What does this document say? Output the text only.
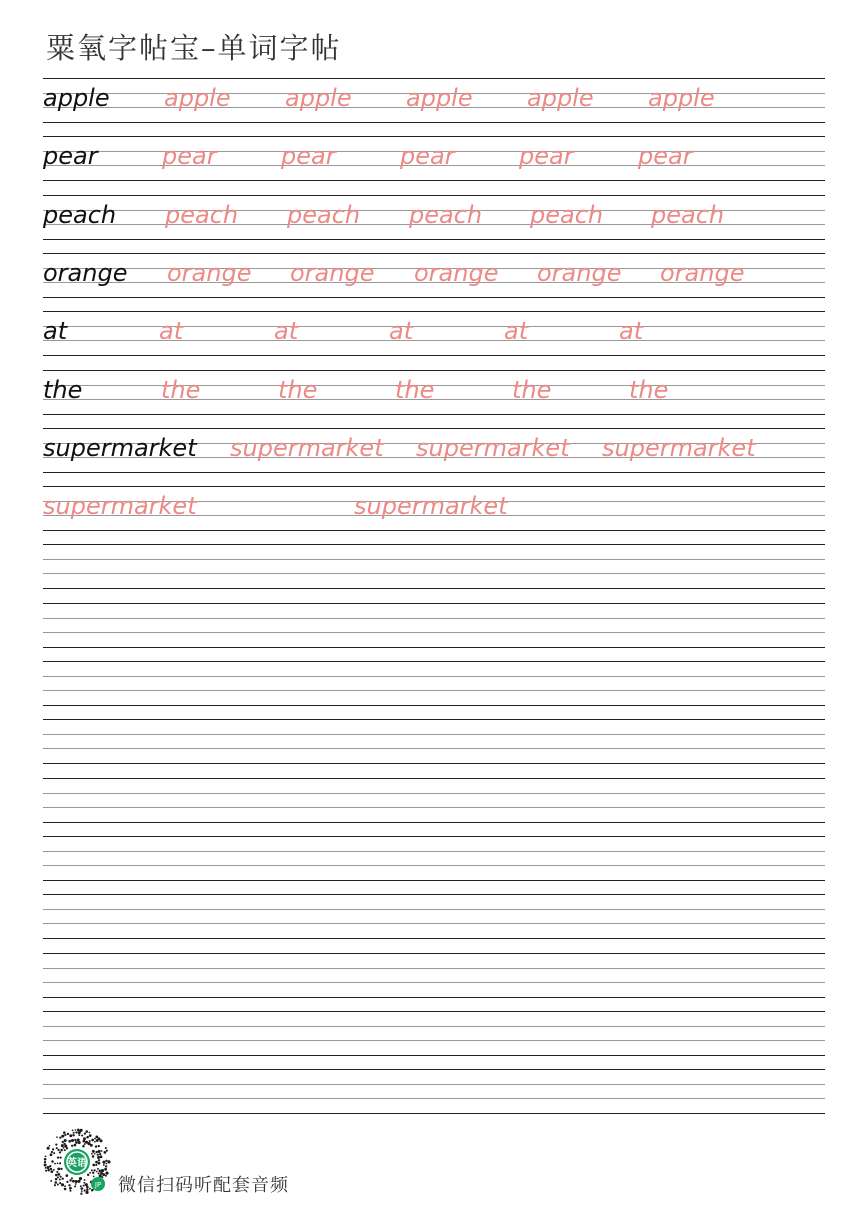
粟氧字帖宝–单词字帖
apple apple apple apple apple apple
pear	pear	pear	pear	pear	pear
peach peach peach peach peach peach
orange orange orange orange orange orange
at	at	at	at	at	at
the	the	the	the	the	the
supermarket supermarket supermarket supermarket
supermarket	supermarket
英语
JP 微信扫码听配套音频
